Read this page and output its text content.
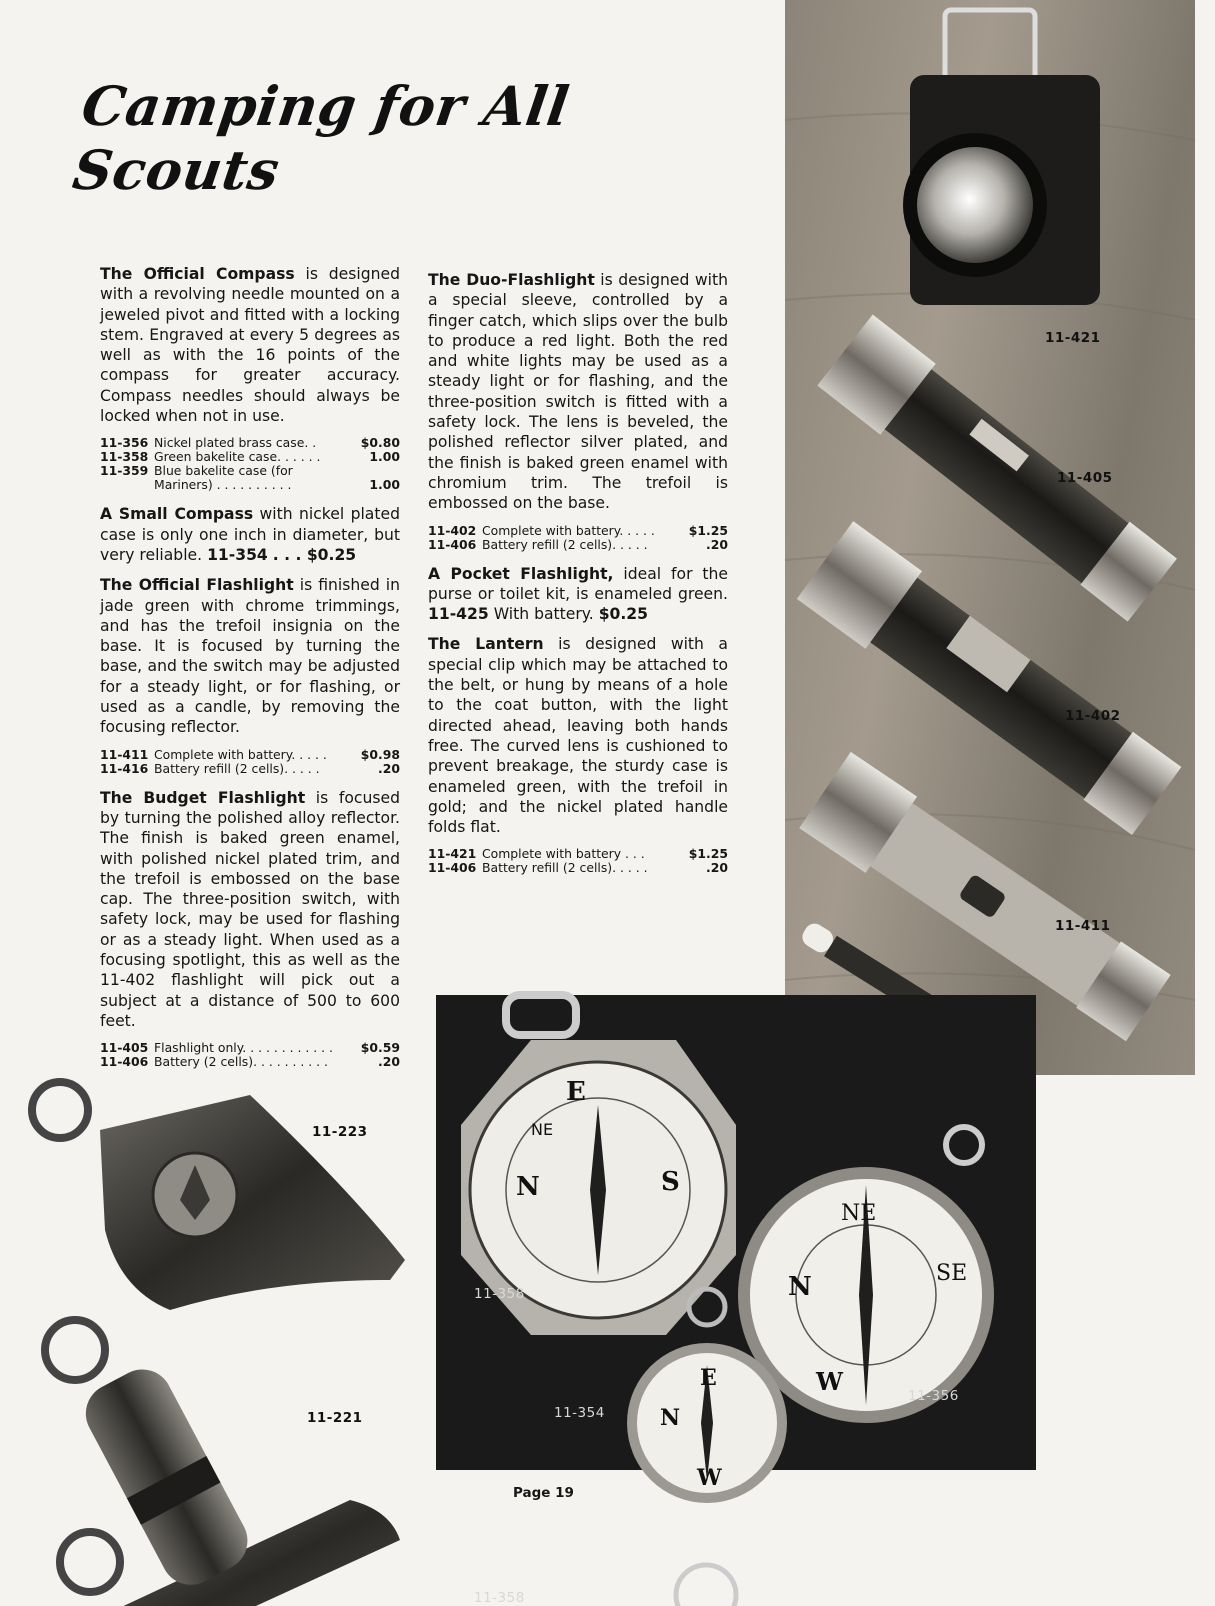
Camping for All Scouts

The Official Compass is designed with a revolving needle mounted on a jeweled pivot and fitted with a locking stem. Engraved at every 5 degrees as well as with the 16 points of the compass for greater accuracy. Compass needles should always be locked when not in use.

11-356	Nickel plated brass case. .	$0.80
11-358	Green bakelite case. . . . . .	1.00
11-359	Blue bakelite case (for Mariners) . . . . . . . . . .	1.00

A Small Compass with nickel plated case is only one inch in diameter, but very reliable. 11-354 . . . $0.25

The Official Flashlight is finished in jade green with chrome trimmings, and has the trefoil insignia on the base. It is focused by turning the base, and the switch may be adjusted for a steady light, or for flashing, or used as a candle, by removing the focusing reflector.

11-411	Complete with battery. . . . .	$0.98
11-416	Battery refill (2 cells). . . . .	.20

The Budget Flashlight is focused by turning the polished alloy reflector. The finish is baked green enamel, with polished nickel plated trim, and the trefoil is embossed on the base cap. The three-position switch, with safety lock, may be used for flashing or as a steady light. When used as a focusing spotlight, this as well as the 11-402 flashlight will pick out a subject at a distance of 500 to 600 feet.

11-405	Flashlight only. . . . . . . . . . . .	$0.59
11-406	Battery (2 cells). . . . . . . . . .	.20

The Duo-Flashlight is designed with a special sleeve, controlled by a finger catch, which slips over the bulb to produce a red light. Both the red and white lights may be used as a steady light or for flashing, and the three-position switch is fitted with a safety lock. The lens is beveled, the polished reflector silver plated, and the finish is baked green enamel with chromium trim. The trefoil is embossed on the base.

11-402	Complete with battery. . . . .	$1.25
11-406	Battery refill (2 cells). . . . .	.20

A Pocket Flashlight, ideal for the purse or toilet kit, is enameled green. 11-425 With battery. $0.25

The Lantern is designed with a special clip which may be attached to the belt, or hung by means of a hole to the coat button, with the light directed ahead, leaving both hands free. The curved lens is cushioned to prevent breakage, the sturdy case is enameled green, with the trefoil in gold; and the nickel plated handle folds flat.

11-421	Complete with battery . . .	$1.25
11-406	Battery refill (2 cells). . . . .	.20
11-421
11-405
11-402
11-411
N
E
S
NE
N
NE
SE
W
11-358
N
E
W
11-358
11-354
11-356
11-223
11-221
Page 19
